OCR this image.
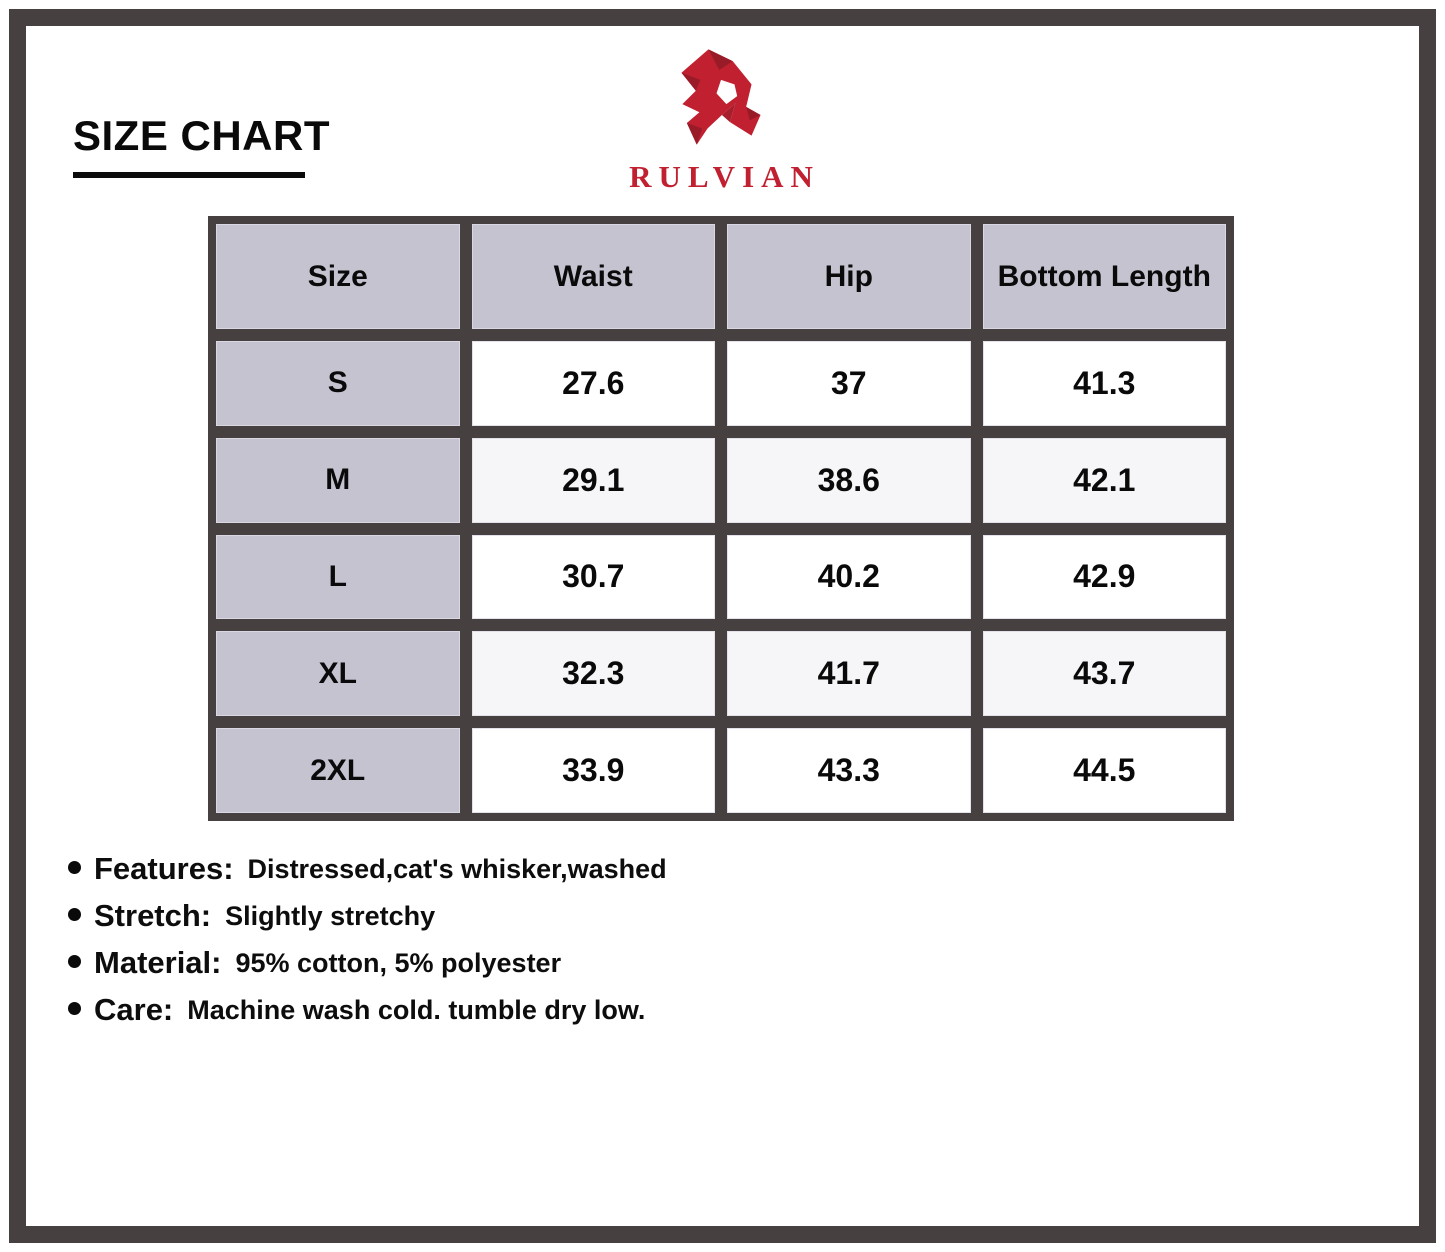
SIZE CHART
RULVIAN
Size	Waist	Hip	Bottom Length
S	27.6	37	41.3
M	29.1	38.6	42.1
L	30.7	40.2	42.9
XL	32.3	41.7	43.7
2XL	33.9	43.3	44.5
Features: Distressed,cat's whisker,washed
Stretch: Slightly stretchy
Material: 95% cotton, 5% polyester
Care: Machine wash cold. tumble dry low.
